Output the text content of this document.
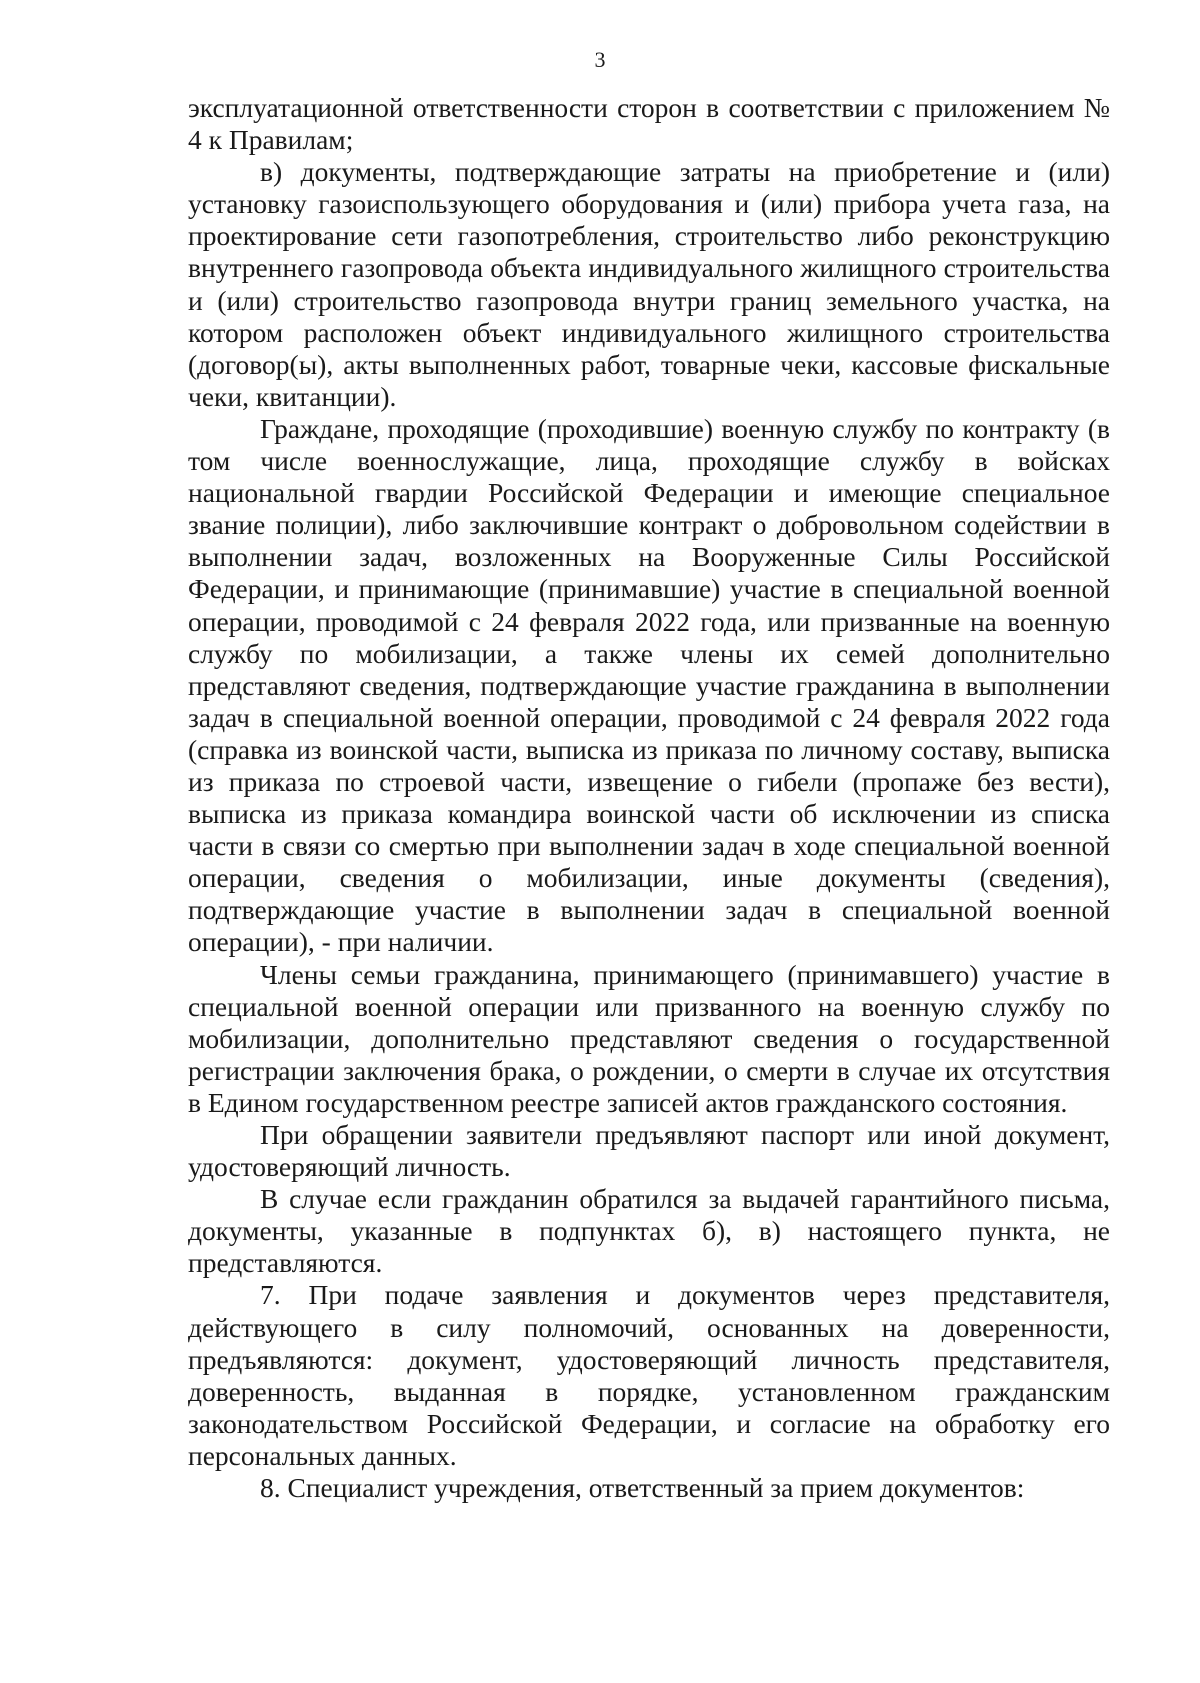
3

эксплуатационной ответственности сторон в соответствии с приложением № 4 к Правилам;

в) документы, подтверждающие затраты на приобретение и (или) установку газоиспользующего оборудования и (или) прибора учета газа, на проектирование сети газопотребления, строительство либо реконструкцию внутреннего газопровода объекта индивидуального жилищного строительства и (или) строительство газопровода внутри границ земельного участка, на котором расположен объект индивидуального жилищного строительства (договор(ы), акты выполненных работ, товарные чеки, кассовые фискальные чеки, квитанции).

Граждане, проходящие (проходившие) военную службу по контракту (в том числе военнослужащие, лица, проходящие службу в войсках национальной гвардии Российской Федерации и имеющие специальное звание полиции), либо заключившие контракт о добровольном содействии в выполнении задач, возложенных на Вооруженные Силы Российской Федерации, и принимающие (принимавшие) участие в специальной военной операции, проводимой с 24 февраля 2022 года, или призванные на военную службу по мобилизации, а также члены их семей дополнительно представляют сведения, подтверждающие участие гражданина в выполнении задач в специальной военной операции, проводимой с 24 февраля 2022 года (справка из воинской части, выписка из приказа по личному составу, выписка из приказа по строевой части, извещение о гибели (пропаже без вести), выписка из приказа командира воинской части об исключении из списка части в связи со смертью при выполнении задач в ходе специальной военной операции, сведения о мобилизации, иные документы (сведения), подтверждающие участие в выполнении задач в специальной военной операции), - при наличии.

Члены семьи гражданина, принимающего (принимавшего) участие в специальной военной операции или призванного на военную службу по мобилизации, дополнительно представляют сведения о государственной регистрации заключения брака, о рождении, о смерти в случае их отсутствия в Едином государственном реестре записей актов гражданского состояния.

При обращении заявители предъявляют паспорт или иной документ, удостоверяющий личность.

В случае если гражданин обратился за выдачей гарантийного письма, документы, указанные в подпунктах б), в) настоящего пункта, не представляются.

7. При подаче заявления и документов через представителя, действующего в силу полномочий, основанных на доверенности, предъявляются: документ, удостоверяющий личность представителя, доверенность, выданная в порядке, установленном гражданским законодательством Российской Федерации, и согласие на обработку его персональных данных.

8. Специалист учреждения, ответственный за прием документов:
